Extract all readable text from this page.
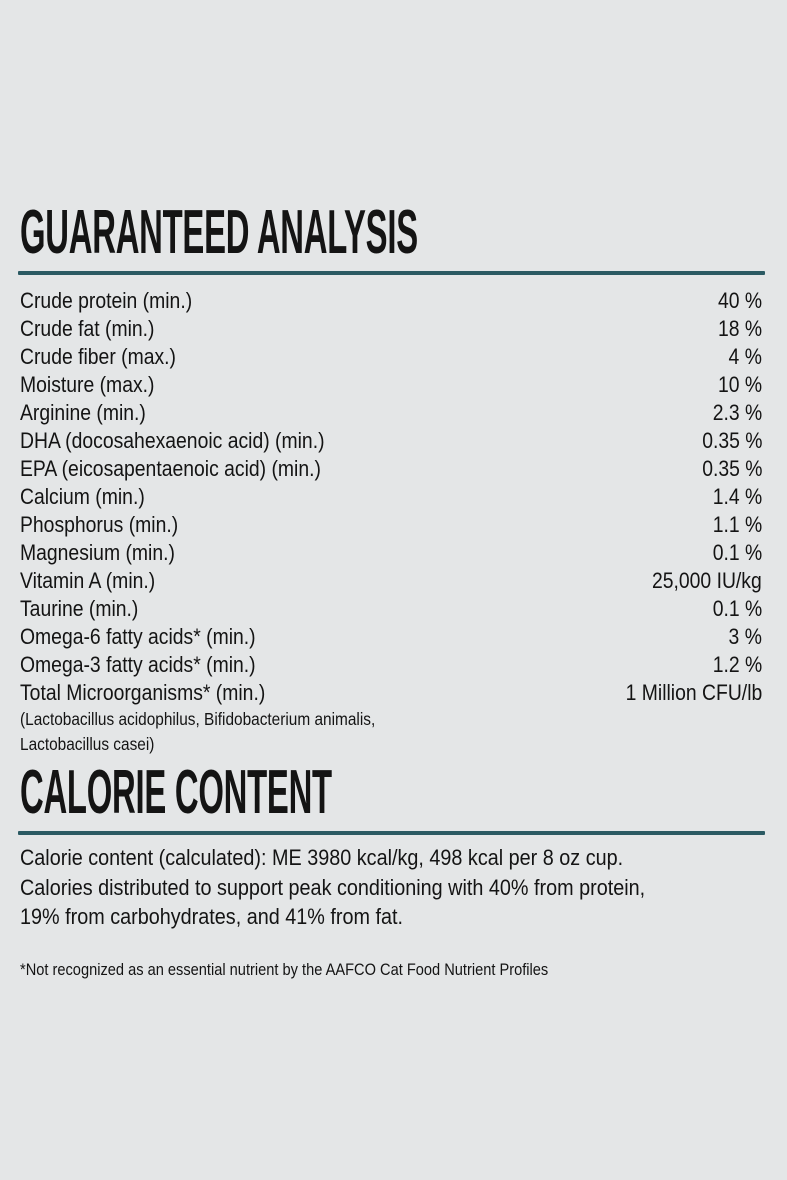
GUARANTEED ANALYSIS
Crude protein (min.)	40 %
Crude fat (min.)	18 %
Crude fiber (max.)	4 %
Moisture (max.)	10 %
Arginine (min.)	2.3 %
DHA (docosahexaenoic acid) (min.)	0.35 %
EPA (eicosapentaenoic acid) (min.)	0.35 %
Calcium (min.)	1.4 %
Phosphorus (min.)	1.1 %
Magnesium (min.)	0.1 %
Vitamin A (min.)	25,000 IU/kg
Taurine (min.)	0.1 %
Omega-6 fatty acids* (min.)	3 %
Omega-3 fatty acids* (min.)	1.2 %
Total Microorganisms* (min.)	1 Million CFU/lb
(Lactobacillus acidophilus, Bifidobacterium animalis,
Lactobacillus casei)
CALORIE CONTENT
Calorie content (calculated): ME 3980 kcal/kg, 498 kcal per 8 oz cup.
Calories distributed to support peak conditioning with 40% from protein,
19% from carbohydrates, and 41% from fat.
*Not recognized as an essential nutrient by the AAFCO Cat Food Nutrient Profiles
